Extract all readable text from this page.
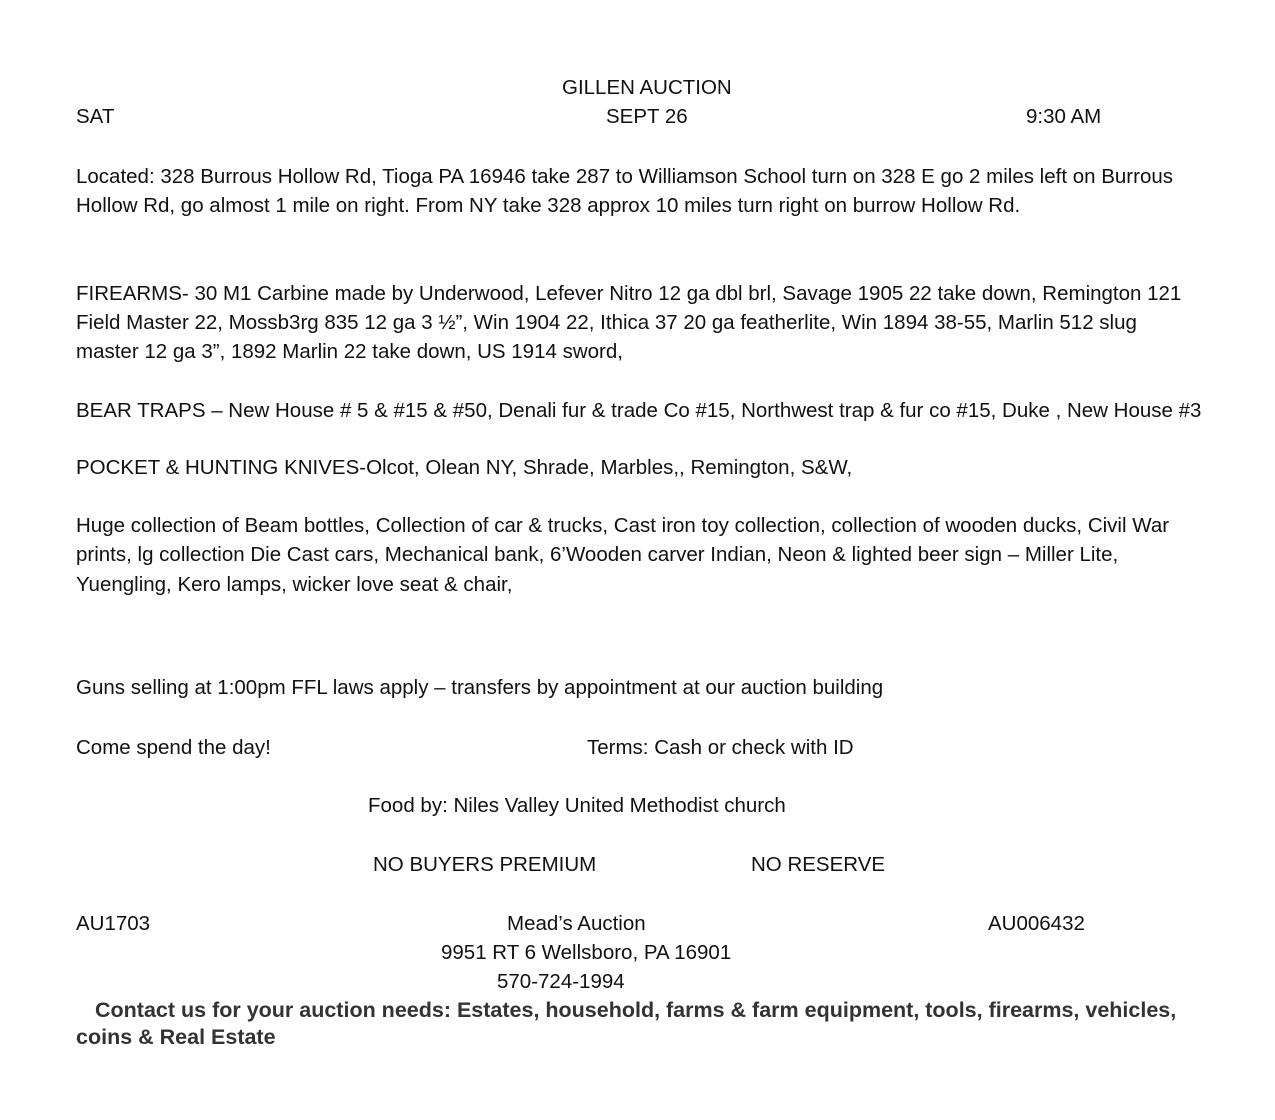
GILLEN AUCTION
SAT	SEPT 26	9:30 AM
Located: 328 Burrous Hollow Rd, Tioga PA 16946 take 287 to Williamson School turn on 328 E go 2 miles left on Burrous
Hollow Rd, go almost 1 mile on right. From NY take 328 approx 10 miles turn right on burrow Hollow Rd.
FIREARMS- 30 M1 Carbine made by Underwood, Lefever Nitro 12 ga dbl brl, Savage 1905 22 take down, Remington 121
Field Master 22, Mossb3rg 835 12 ga 3 ½”, Win 1904 22, Ithica 37 20 ga featherlite, Win 1894 38-55, Marlin 512 slug
master 12 ga 3”, 1892 Marlin 22 take down, US 1914 sword,
BEAR TRAPS – New House # 5 & #15 & #50, Denali fur & trade Co #15, Northwest trap & fur co #15, Duke , New House #3
POCKET & HUNTING KNIVES-Olcot, Olean NY, Shrade, Marbles,, Remington, S&W,
Huge collection of Beam bottles, Collection of car & trucks, Cast iron toy collection, collection of wooden ducks, Civil War
prints, lg collection Die Cast cars, Mechanical bank, 6’Wooden carver Indian, Neon & lighted beer sign – Miller Lite,
Yuengling, Kero lamps, wicker love seat & chair,
Guns selling at 1:00pm FFL laws apply – transfers by appointment at our auction building
Come spend the day!	Terms: Cash or check with ID
Food by: Niles Valley United Methodist church
NO BUYERS PREMIUM	NO RESERVE
AU1703	Mead’s Auction	AU006432
9951 RT 6 Wellsboro, PA 16901
570-724-1994
Contact us for your auction needs: Estates, household, farms & farm equipment, tools, firearms, vehicles, coins & Real Estate
